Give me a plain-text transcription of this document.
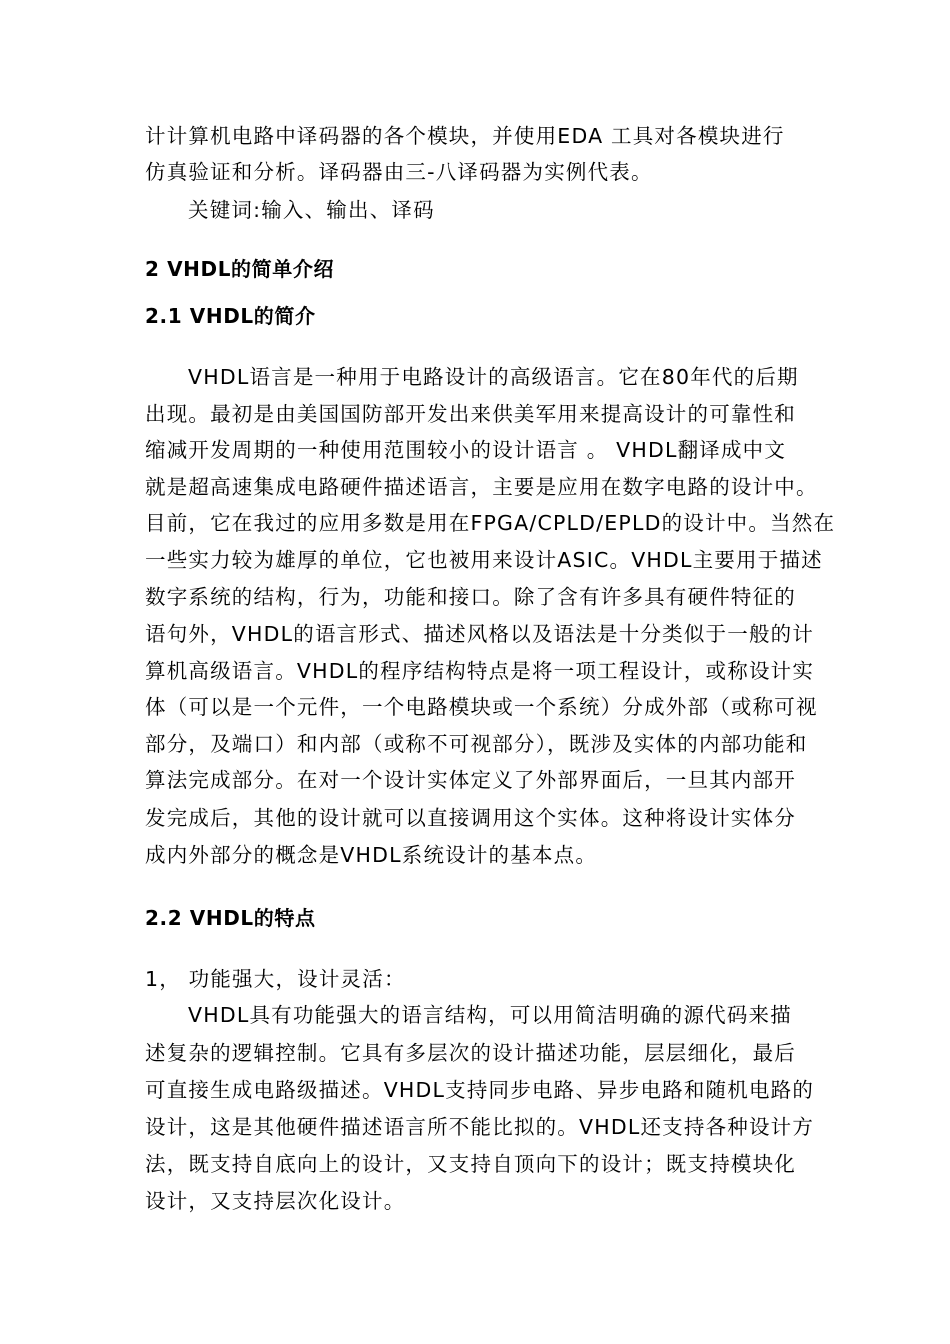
计计算机电路中译码器的各个模块，并使用EDA 工具对各模块进行
仿真验证和分析。译码器由三-八译码器为实例代表。
关键词:输入、输出、译码
2 VHDL的简单介绍
2.1 VHDL的简介
VHDL语言是一种用于电路设计的高级语言。它在80年代的后期
出现。最初是由美国国防部开发出来供美军用来提高设计的可靠性和
缩减开发周期的一种使用范围较小的设计语言 。 VHDL翻译成中文
就是超高速集成电路硬件描述语言，主要是应用在数字电路的设计中。
目前，它在我过的应用多数是用在FPGA/CPLD/EPLD的设计中。当然在
一些实力较为雄厚的单位，它也被用来设计ASIC。VHDL主要用于描述
数字系统的结构，行为，功能和接口。除了含有许多具有硬件特征的
语句外，VHDL的语言形式、描述风格以及语法是十分类似于一般的计
算机高级语言。VHDL的程序结构特点是将一项工程设计，或称设计实
体（可以是一个元件，一个电路模块或一个系统）分成外部（或称可视
部分，及端口）和内部（或称不可视部分），既涉及实体的内部功能和
算法完成部分。在对一个设计实体定义了外部界面后，一旦其内部开
发完成后，其他的设计就可以直接调用这个实体。这种将设计实体分
成内外部分的概念是VHDL系统设计的基本点。
2.2 VHDL的特点
1， 功能强大，设计灵活：
VHDL具有功能强大的语言结构，可以用简洁明确的源代码来描
述复杂的逻辑控制。它具有多层次的设计描述功能，层层细化，最后
可直接生成电路级描述。VHDL支持同步电路、异步电路和随机电路的
设计，这是其他硬件描述语言所不能比拟的。VHDL还支持各种设计方
法，既支持自底向上的设计，又支持自顶向下的设计；既支持模块化
设计，又支持层次化设计。
